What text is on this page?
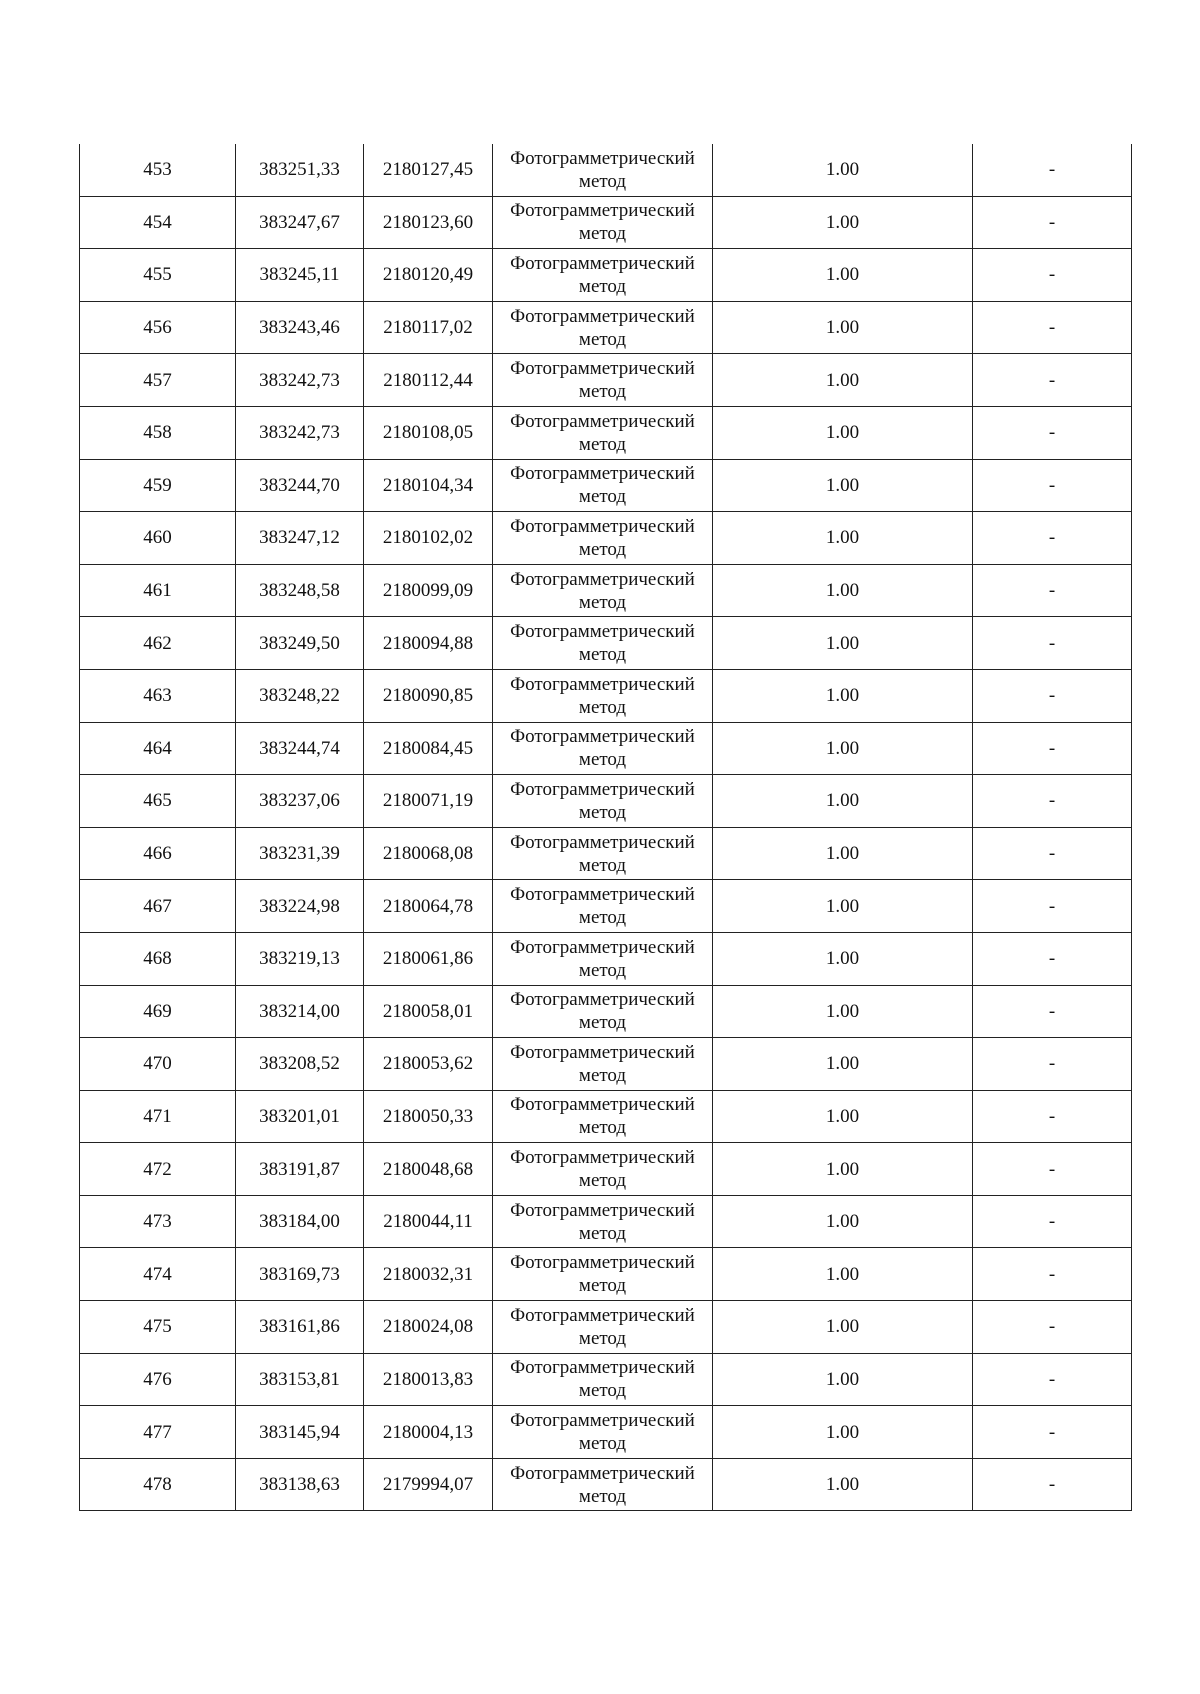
453	383251,33	2180127,45	Фотограмметрический
метод	1.00	-
454	383247,67	2180123,60	Фотограмметрический
метод	1.00	-
455	383245,11	2180120,49	Фотограмметрический
метод	1.00	-
456	383243,46	2180117,02	Фотограмметрический
метод	1.00	-
457	383242,73	2180112,44	Фотограмметрический
метод	1.00	-
458	383242,73	2180108,05	Фотограмметрический
метод	1.00	-
459	383244,70	2180104,34	Фотограмметрический
метод	1.00	-
460	383247,12	2180102,02	Фотограмметрический
метод	1.00	-
461	383248,58	2180099,09	Фотограмметрический
метод	1.00	-
462	383249,50	2180094,88	Фотограмметрический
метод	1.00	-
463	383248,22	2180090,85	Фотограмметрический
метод	1.00	-
464	383244,74	2180084,45	Фотограмметрический
метод	1.00	-
465	383237,06	2180071,19	Фотограмметрический
метод	1.00	-
466	383231,39	2180068,08	Фотограмметрический
метод	1.00	-
467	383224,98	2180064,78	Фотограмметрический
метод	1.00	-
468	383219,13	2180061,86	Фотограмметрический
метод	1.00	-
469	383214,00	2180058,01	Фотограмметрический
метод	1.00	-
470	383208,52	2180053,62	Фотограмметрический
метод	1.00	-
471	383201,01	2180050,33	Фотограмметрический
метод	1.00	-
472	383191,87	2180048,68	Фотограмметрический
метод	1.00	-
473	383184,00	2180044,11	Фотограмметрический
метод	1.00	-
474	383169,73	2180032,31	Фотограмметрический
метод	1.00	-
475	383161,86	2180024,08	Фотограмметрический
метод	1.00	-
476	383153,81	2180013,83	Фотограмметрический
метод	1.00	-
477	383145,94	2180004,13	Фотограмметрический
метод	1.00	-
478	383138,63	2179994,07	Фотограмметрический
метод	1.00	-
